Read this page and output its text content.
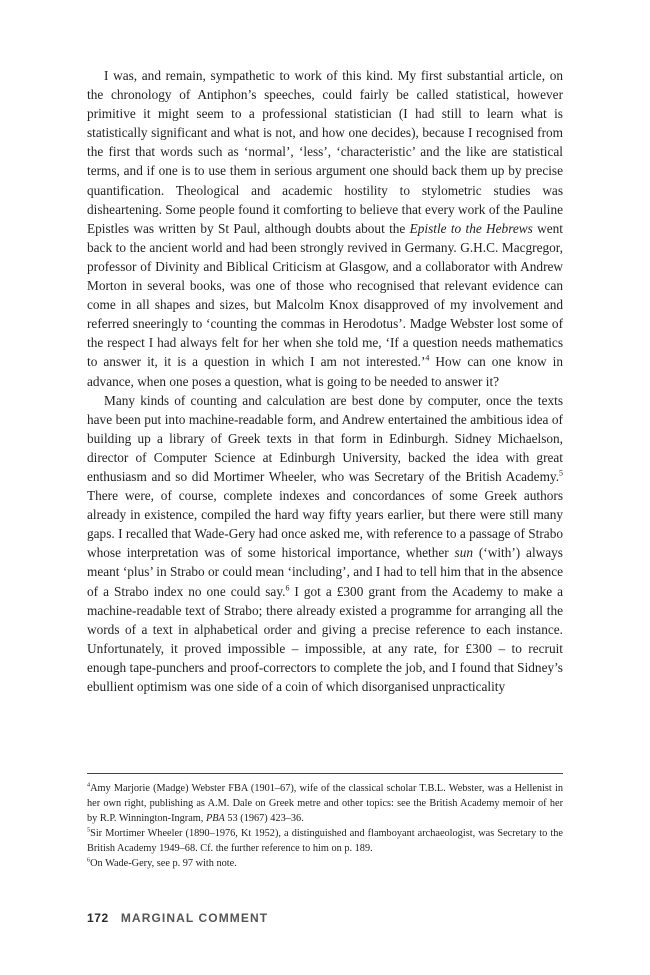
I was, and remain, sympathetic to work of this kind. My first substantial article, on the chronology of Antiphon’s speeches, could fairly be called statistical, however primitive it might seem to a professional statistician (I had still to learn what is statistically significant and what is not, and how one decides), because I recognised from the first that words such as ‘normal’, ‘less’, ‘characteristic’ and the like are statistical terms, and if one is to use them in serious argument one should back them up by precise quantification. Theological and academic hostility to stylometric studies was disheartening. Some people found it comforting to believe that every work of the Pauline Epistles was written by St Paul, although doubts about the Epistle to the Hebrews went back to the ancient world and had been strongly revived in Germany. G.H.C. Macgregor, professor of Divinity and Biblical Criticism at Glasgow, and a collaborator with Andrew Morton in several books, was one of those who recognised that relevant evidence can come in all shapes and sizes, but Malcolm Knox disapproved of my involvement and referred sneeringly to ‘counting the commas in Herodotus’. Madge Webster lost some of the respect I had always felt for her when she told me, ‘If a question needs mathematics to answer it, it is a question in which I am not interested.’$^4$ How can one know in advance, when one poses a question, what is going to be needed to answer it?

Many kinds of counting and calculation are best done by computer, once the texts have been put into machine-readable form, and Andrew entertained the ambitious idea of building up a library of Greek texts in that form in Edinburgh. Sidney Michaelson, director of Computer Science at Edinburgh University, backed the idea with great enthusiasm and so did Mortimer Wheeler, who was Secretary of the British Academy.$^5$ There were, of course, complete indexes and concordances of some Greek authors already in existence, compiled the hard way fifty years earlier, but there were still many gaps. I recalled that Wade-Gery had once asked me, with reference to a passage of Strabo whose interpretation was of some historical importance, whether sun (‘with’) always meant ‘plus’ in Strabo or could mean ‘including’, and I had to tell him that in the absence of a Strabo index no one could say.$^6$ I got a £300 grant from the Academy to make a machine-readable text of Strabo; there already existed a programme for arranging all the words of a text in alphabetical order and giving a precise reference to each instance. Unfortunately, it proved impossible – impossible, at any rate, for £300 – to recruit enough tape-punchers and proof-correctors to complete the job, and I found that Sidney’s ebullient optimism was one side of a coin of which disorganised unpracticality

$^4$Amy Marjorie (Madge) Webster FBA (1901–67), wife of the classical scholar T.B.L. Webster, was a Hellenist in her own right, publishing as A.M. Dale on Greek metre and other topics: see the British Academy memoir of her by R.P. Winnington-Ingram, PBA 53 (1967) 423–36.

$^5$Sir Mortimer Wheeler (1890–1976, Kt 1952), a distinguished and flamboyant archaeologist, was Secretary to the British Academy 1949–68. Cf. the further reference to him on p. 189.

$^6$On Wade-Gery, see p. 97 with note.

172 MARGINAL COMMENT
